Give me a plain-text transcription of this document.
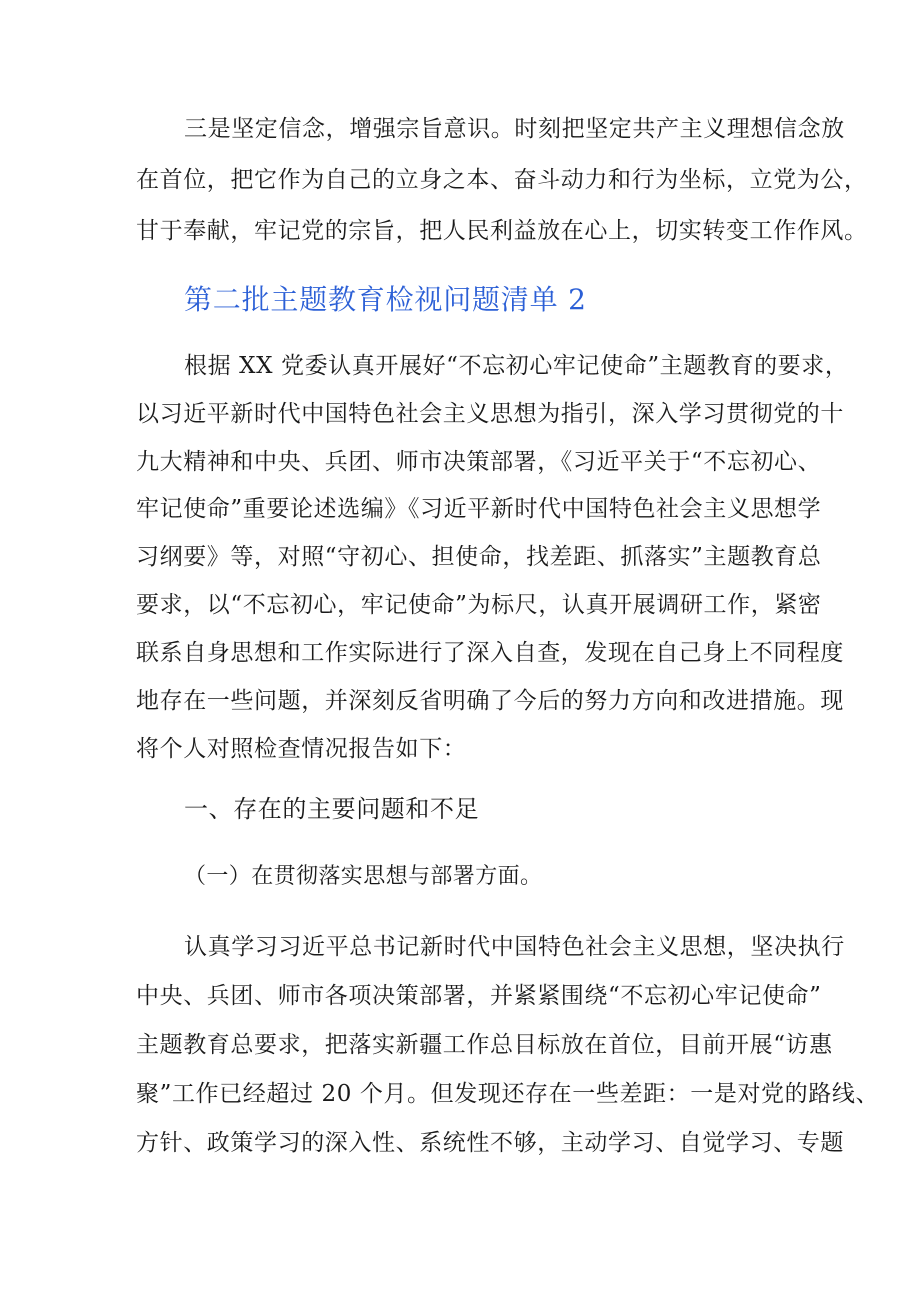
三是坚定信念，增强宗旨意识。时刻把坚定共产主义理想信念放
在首位，把它作为自己的立身之本、奋斗动力和行为坐标，立党为公，
甘于奉献，牢记党的宗旨，把人民利益放在心上，切实转变工作作风。
第二批主题教育检视问题清单 2
根据 XX 党委认真开展好“不忘初心牢记使命”主题教育的要求，
以习近平新时代中国特色社会主义思想为指引，深入学习贯彻党的十
九大精神和中央、兵团、师市决策部署，《习近平关于“不忘初心、
牢记使命”重要论述选编》《习近平新时代中国特色社会主义思想学
习纲要》等，对照“守初心、担使命，找差距、抓落实”主题教育总
要求，以“不忘初心，牢记使命”为标尺，认真开展调研工作，紧密
联系自身思想和工作实际进行了深入自查，发现在自己身上不同程度
地存在一些问题，并深刻反省明确了今后的努力方向和改进措施。现
将个人对照检查情况报告如下：
一、存在的主要问题和不足
（一）在贯彻落实思想与部署方面。
认真学习习近平总书记新时代中国特色社会主义思想，坚决执行
中央、兵团、师市各项决策部署，并紧紧围绕“不忘初心牢记使命”
主题教育总要求，把落实新疆工作总目标放在首位，目前开展“访惠
聚”工作已经超过 20 个月。但发现还存在一些差距：一是对党的路线、
方针、政策学习的深入性、系统性不够，主动学习、自觉学习、专题
